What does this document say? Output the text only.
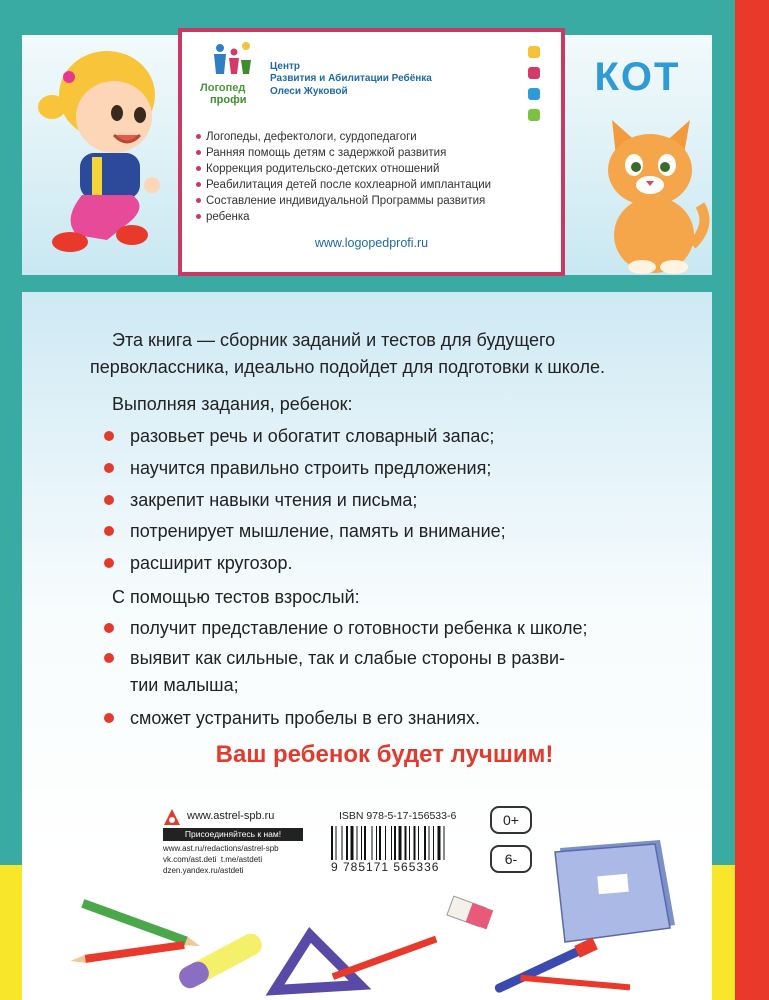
КОТ
Логопед
профи
Центр
Развития и Абилитации Ребёнка
Олеси Жуковой
Логопеды, дефектологи, сурдопедагоги
Ранняя помощь детям с задержкой развития
Коррекция родительско-детских отношений
Реабилитация детей после кохлеарной имплантации
Составление индивидуальной Программы развития
ребенка
www.logopedprofi.ru
Эта книга — сборник заданий и тестов для будущего
первоклассника, идеально подойдет для подготовки к школе.
Выполняя задания, ребенок:
разовьет речь и обогатит словарный запас;
научится правильно строить предложения;
закрепит навыки чтения и письма;
потренирует мышление, память и внимание;
расширит кругозор.
С помощью тестов взрослый:
получит представление о готовности ребенка к школе;
выявит как сильные, так и слабые стороны в разви-
тии малыша;
сможет устранить пробелы в его знаниях.
Ваш ребенок будет лучшим!
www.astrel-spb.ru
Присоединяйтесь к нам!
www.ast.ru/redactions/astrel-spb
vk.com/ast.deti t.me/astdeti
dzen.yandex.ru/astdeti
ISBN 978-5-17-156533-6
9 785171 565336
0+
6-
